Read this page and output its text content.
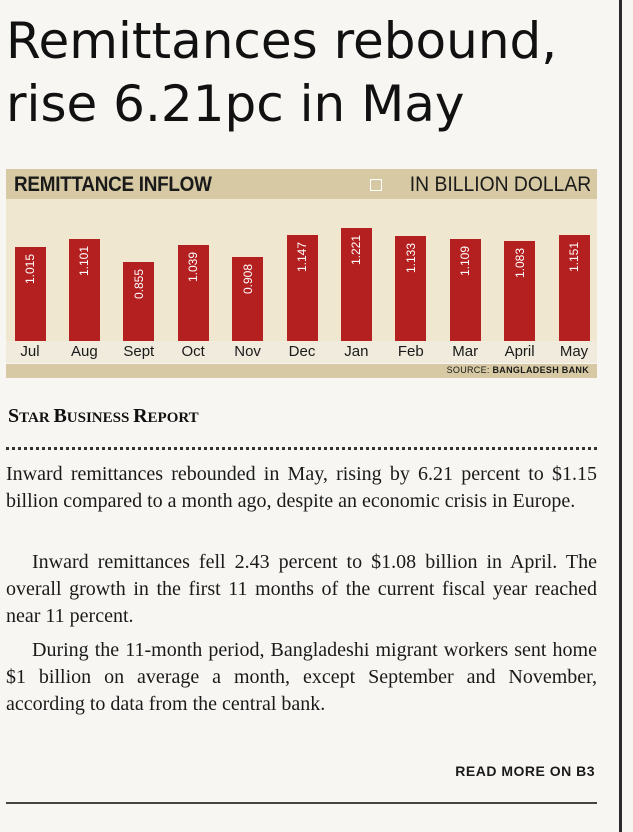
Remittances rebound,
rise 6.21pc in May
REMITTANCE INFLOW	IN BILLION DOLLAR
1.015	1.101
0.855
1.039	0.908
1.147	1.221	1.133	1.109	1.083	1.151
Jul	Aug	Sept	Oct	Nov	Dec	Jan	Feb	Mar	April	May
SOURCE: BANGLADESH BANK
STAR BUSINESS REPORT

Inward remittances rebounded in May, rising by 6.21 percent to $1.15 billion compared to a month ago, despite an economic crisis in Europe.

Inward remittances fell 2.43 percent to $1.08 billion in April. The overall growth in the first 11 months of the current fiscal year reached near 11 percent.

During the 11-month period, Bangladeshi migrant workers sent home $1 billion on average a month, except September and November, according to data from the central bank.

READ MORE ON B3
